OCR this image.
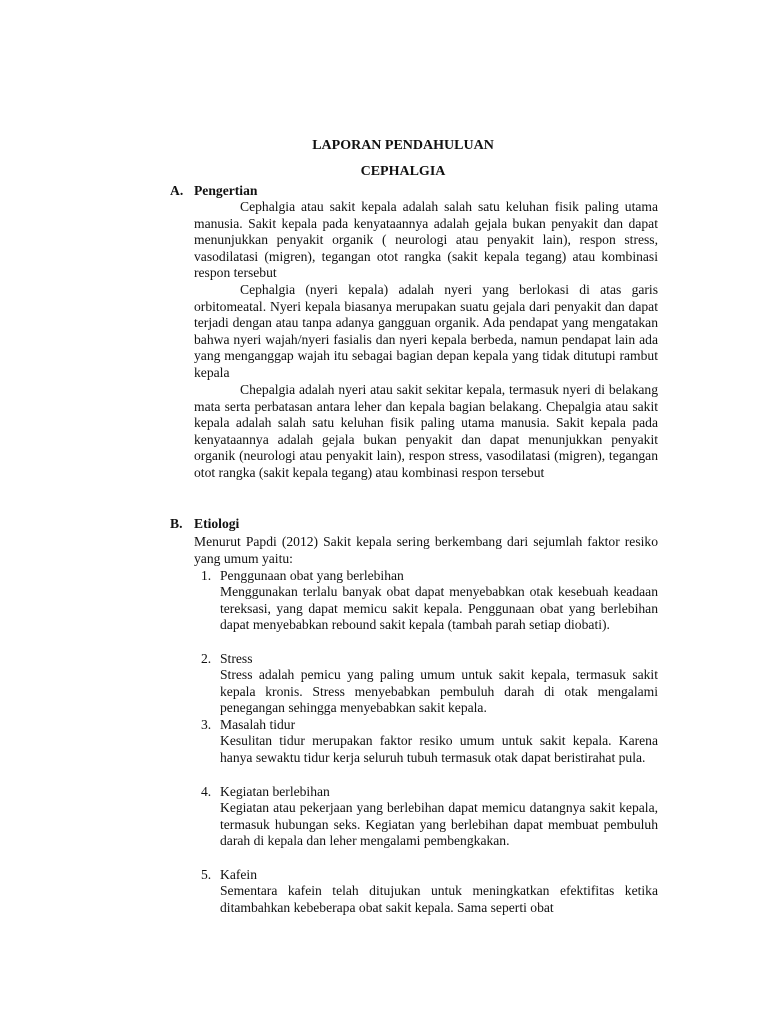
LAPORAN PENDAHULUAN
CEPHALGIA
A. Pengertian

Cephalgia atau sakit kepala adalah salah satu keluhan fisik paling utama manusia. Sakit kepala pada kenyataannya adalah gejala bukan penyakit dan dapat menunjukkan penyakit organik ( neurologi atau penyakit lain), respon stress, vasodilatasi (migren), tegangan otot rangka (sakit kepala tegang) atau kombinasi respon tersebut

Cephalgia (nyeri kepala) adalah nyeri yang berlokasi di atas garis orbitomeatal. Nyeri kepala biasanya merupakan suatu gejala dari penyakit dan dapat terjadi dengan atau tanpa adanya gangguan organik. Ada pendapat yang mengatakan bahwa nyeri wajah/nyeri fasialis dan nyeri kepala berbeda, namun pendapat lain ada yang menganggap wajah itu sebagai bagian depan kepala yang tidak ditutupi rambut kepala

Chepalgia adalah nyeri atau sakit sekitar kepala, termasuk nyeri di belakang mata serta perbatasan antara leher dan kepala bagian belakang. Chepalgia atau sakit kepala adalah salah satu keluhan fisik paling utama manusia. Sakit kepala pada kenyataannya adalah gejala bukan penyakit dan dapat menunjukkan penyakit organik (neurologi atau penyakit lain), respon stress, vasodilatasi (migren), tegangan otot rangka (sakit kepala tegang) atau kombinasi respon tersebut

B. Etiologi

Menurut Papdi (2012) Sakit kepala sering berkembang dari sejumlah faktor resiko yang umum yaitu:

1. Penggunaan obat yang berlebihan

Menggunakan terlalu banyak obat dapat menyebabkan otak kesebuah keadaan tereksasi, yang dapat memicu sakit kepala. Penggunaan obat yang berlebihan dapat menyebabkan rebound sakit kepala (tambah parah setiap diobati).

2. Stress

Stress adalah pemicu yang paling umum untuk sakit kepala, termasuk sakit kepala kronis. Stress menyebabkan pembuluh darah di otak mengalami penegangan sehingga menyebabkan sakit kepala.

3. Masalah tidur

Kesulitan tidur merupakan faktor resiko umum untuk sakit kepala. Karena hanya sewaktu tidur kerja seluruh tubuh termasuk otak dapat beristirahat pula.

4. Kegiatan berlebihan

Kegiatan atau pekerjaan yang berlebihan dapat memicu datangnya sakit kepala, termasuk hubungan seks. Kegiatan yang berlebihan dapat membuat pembuluh darah di kepala dan leher mengalami pembengkakan.

5. Kafein

Sementara kafein telah ditujukan untuk meningkatkan efektifitas ketika ditambahkan kebeberapa obat sakit kepala. Sama seperti obat
